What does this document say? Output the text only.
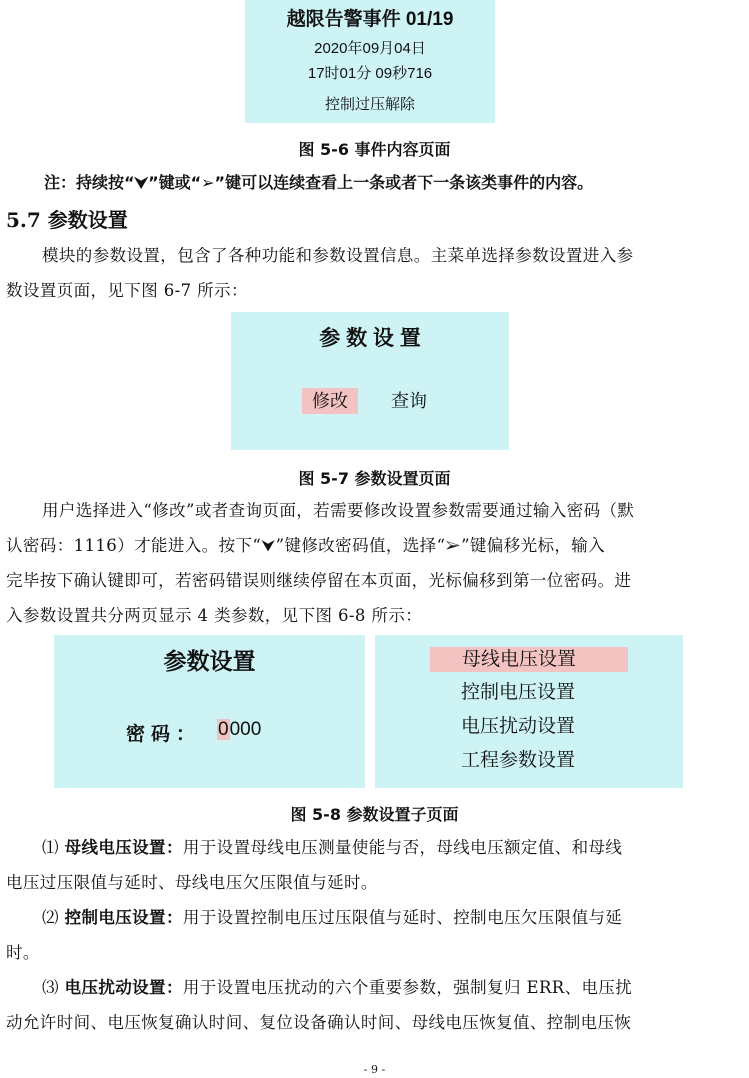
越限告警事件 01/19
2020年09月04日
17时01分 09秒716
控制过压解除
图 5-6 事件内容页面
注：持续按“⮟”键或“➢”键可以连续查看上一条或者下一条该类事件的内容。
5.7 参数设置
模块的参数设置，包含了各种功能和参数设置信息。主菜单选择参数设置进入参
数设置页面，见下图 6-7 所示：
参 数 设 置
修改	查询
图 5-7 参数设置页面
用户选择进入“修改”或者查询页面，若需要修改设置参数需要通过输入密码（默
认密码：1116）才能进入。按下“⮟”键修改密码值，选择“➢”键偏移光标，输入
完毕按下确认键即可，若密码错误则继续停留在本页面，光标偏移到第一位密码。进
入参数设置共分两页显示 4 类参数，见下图 6-8 所示：
参数设置
密码： 0000
母线电压设置
控制电压设置
电压扰动设置
工程参数设置
图 5-8 参数设置子页面
⑴ 母线电压设置：用于设置母线电压测量使能与否，母线电压额定值、和母线
电压过压限值与延时、母线电压欠压限值与延时。
⑵ 控制电压设置：用于设置控制电压过压限值与延时、控制电压欠压限值与延
时。
⑶ 电压扰动设置：用于设置电压扰动的六个重要参数，强制复归 ERR、电压扰
动允许时间、电压恢复确认时间、复位设备确认时间、母线电压恢复值、控制电压恢
- 9 -
